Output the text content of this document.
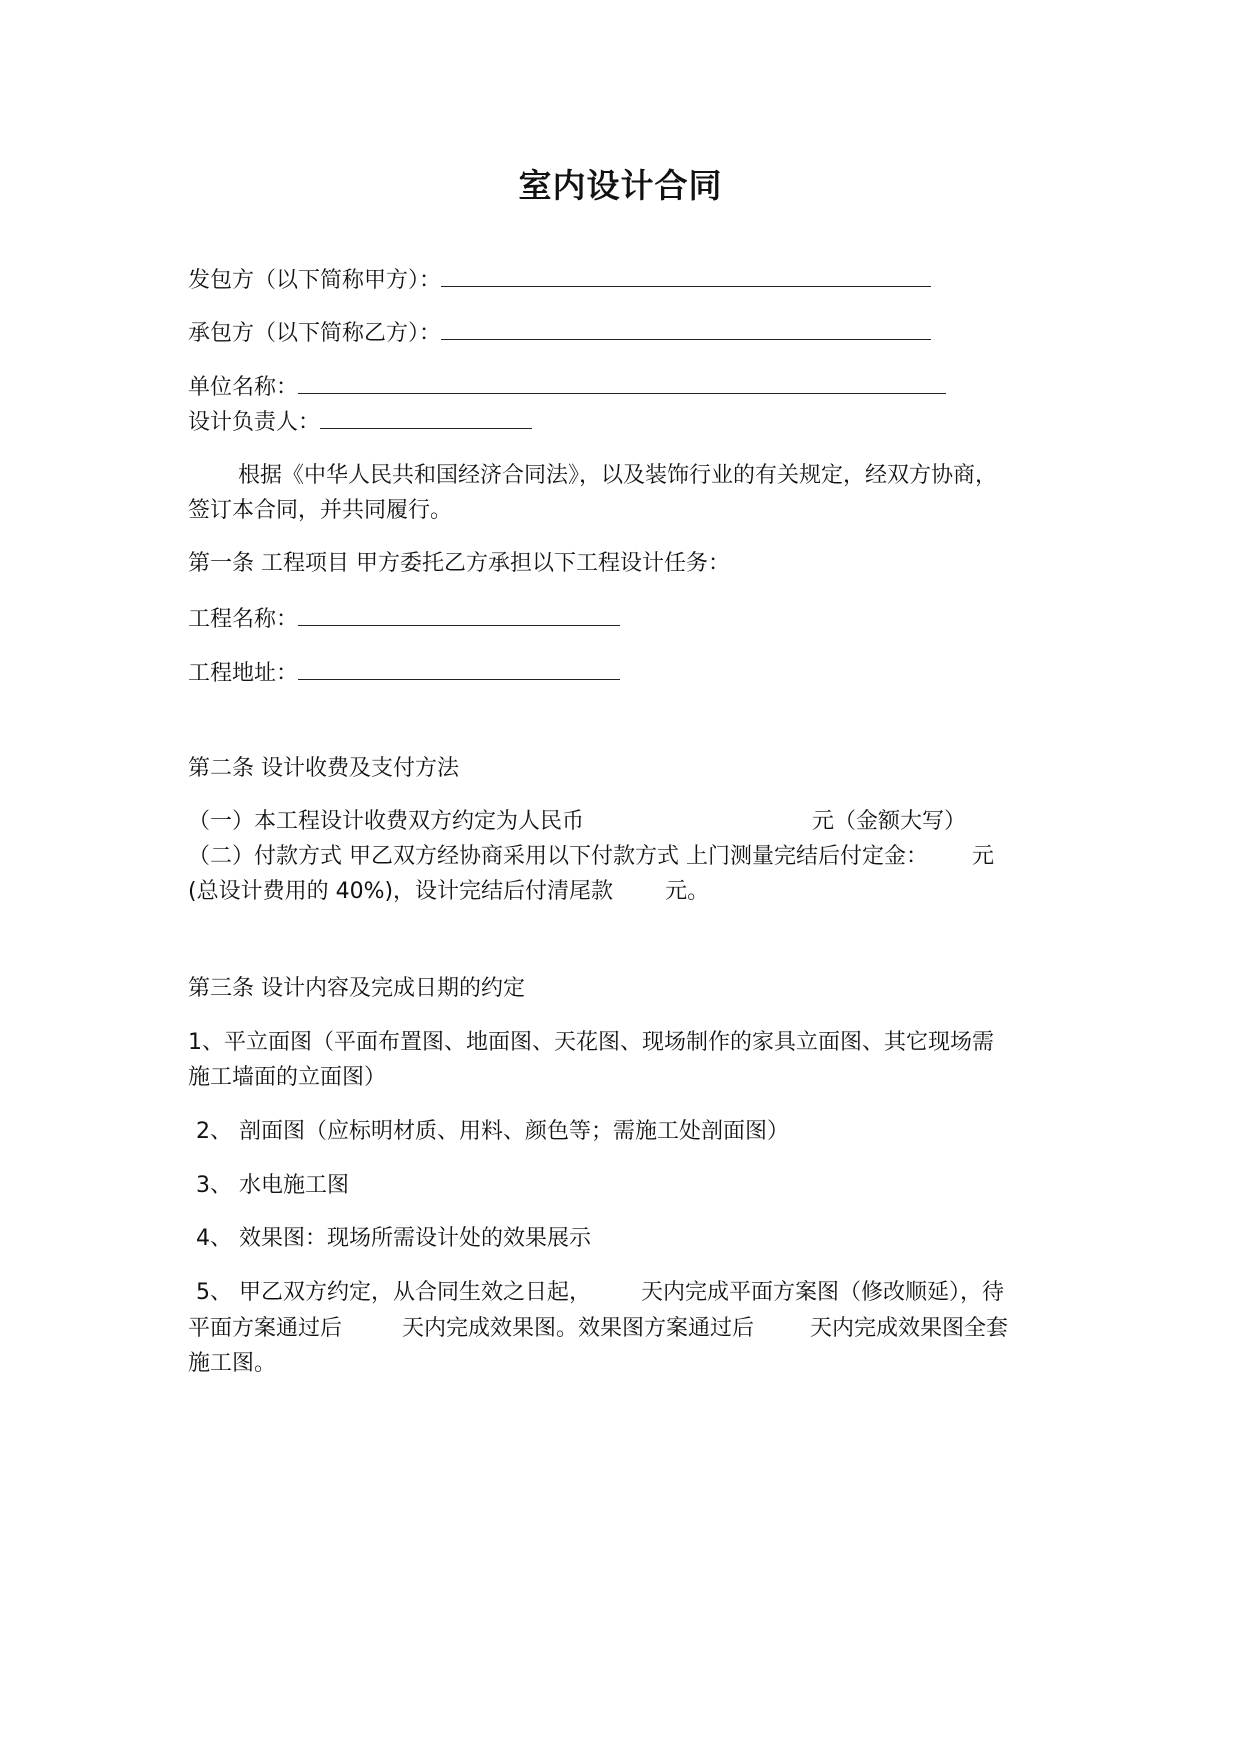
室内设计合同
发包方（以下简称甲方）：
承包方（以下简称乙方）：
单位名称：
设计负责人：
根据《中华人民共和国经济合同法》，以及装饰行业的有关规定，经双方协商，
签订本合同，并共同履行。
第一条 工程项目 甲方委托乙方承担以下工程设计任务：
工程名称：
工程地址：
第二条 设计收费及支付方法
（一）本工程设计收费双方约定为人民币	元（金额大写）
（二）付款方式 甲乙双方经协商采用以下付款方式 上门测量完结后付定金： 元
(总设计费用的 40%)，设计完结后付清尾款 元。
第三条 设计内容及完成日期的约定
1、平立面图（平面布置图、地面图、天花图、现场制作的家具立面图、其它现场需
施工墙面的立面图）
2、 剖面图（应标明材质、用料、颜色等；需施工处剖面图）
3、 水电施工图
4、 效果图：现场所需设计处的效果展示
5、 甲乙双方约定，从合同生效之日起， 天内完成平面方案图（修改顺延），待
平面方案通过后	天内完成效果图。效果图方案通过后	天内完成效果图全套
施工图。
